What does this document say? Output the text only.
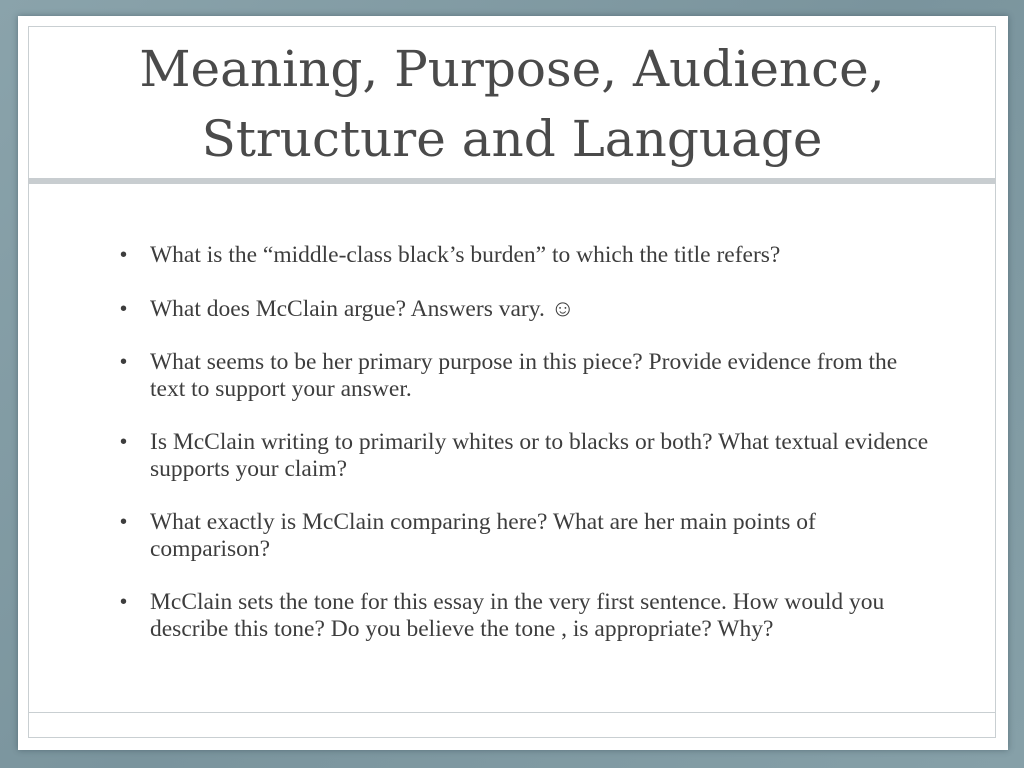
Meaning, Purpose, Audience,
Structure and Language
• What is the “middle-class black’s burden” to which the title refers?
• What does McClain argue? Answers vary. ☺
• What seems to be her primary purpose in this piece? Provide evidence from the text to support your answer.
• Is McClain writing to primarily whites or to blacks or both? What textual evidence supports your claim?
• What exactly is McClain comparing here? What are her main points of comparison?
• McClain sets the tone for this essay in the very first sentence. How would you describe this tone? Do you believe the tone , is appropriate? Why?
